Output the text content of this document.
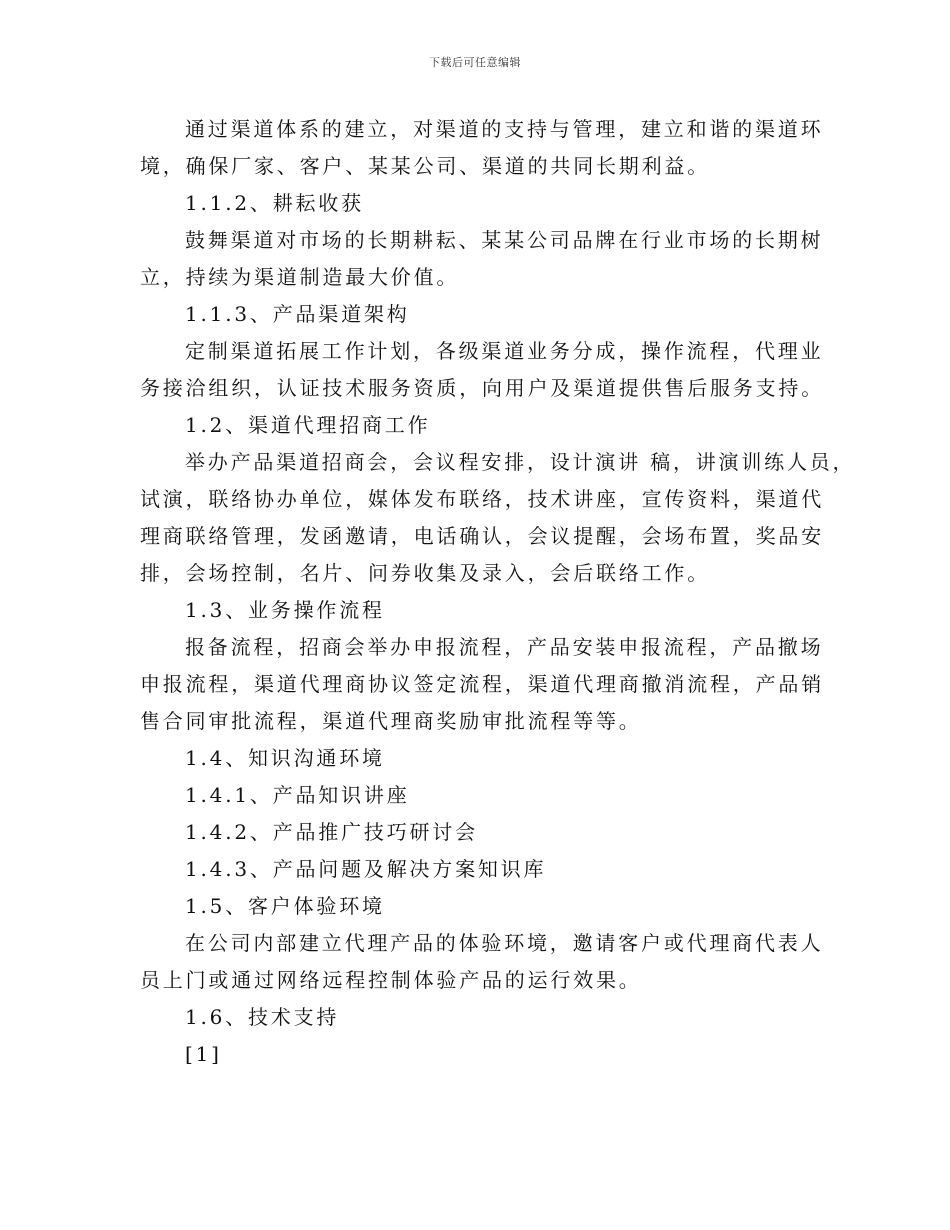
下载后可任意编辑
通过渠道体系的建立，对渠道的支持与管理，建立和谐的渠道环
境，确保厂家、客户、某某公司、渠道的共同长期利益。
1.1.2、耕耘收获
鼓舞渠道对市场的长期耕耘、某某公司品牌在行业市场的长期树
立，持续为渠道制造最大价值。
1.1.3、产品渠道架构
定制渠道拓展工作计划，各级渠道业务分成，操作流程，代理业
务接洽组织，认证技术服务资质，向用户及渠道提供售后服务支持。
1.2、渠道代理招商工作
举办产品渠道招商会，会议程安排，设计演讲 稿，讲演训练人员，
试演，联络协办单位，媒体发布联络，技术讲座，宣传资料，渠道代
理商联络管理，发函邀请，电话确认，会议提醒，会场布置，奖品安
排，会场控制，名片、问券收集及录入，会后联络工作。
1.3、业务操作流程
报备流程，招商会举办申报流程，产品安装申报流程，产品撤场
申报流程，渠道代理商协议签定流程，渠道代理商撤消流程，产品销
售合同审批流程，渠道代理商奖励审批流程等等。
1.4、知识沟通环境
1.4.1、产品知识讲座
1.4.2、产品推广技巧研讨会
1.4.3、产品问题及解决方案知识库
1.5、客户体验环境
在公司内部建立代理产品的体验环境，邀请客户或代理商代表人
员上门或通过网络远程控制体验产品的运行效果。
1.6、技术支持
[1]
